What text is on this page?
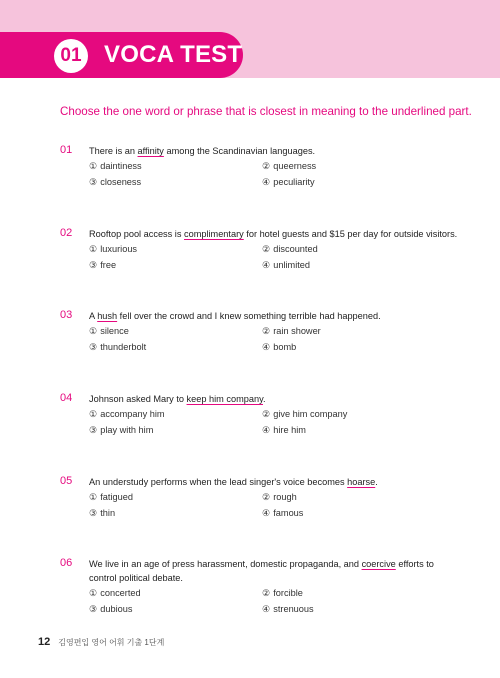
01 VOCA TEST
Choose the one word or phrase that is closest in meaning to the underlined part.
01 There is an affinity among the Scandinavian languages.
① daintiness	② queerness
③ closeness	④ peculiarity
02 Rooftop pool access is complimentary for hotel guests and $15 per day for outside visitors.
① luxurious	② discounted
③ free	④ unlimited
03 A hush fell over the crowd and I knew something terrible had happened.
① silence	② rain shower
③ thunderbolt	④ bomb
04 Johnson asked Mary to keep him company.
① accompany him	② give him company
③ play with him	④ hire him
05 An understudy performs when the lead singer's voice becomes hoarse.
① fatigued	② rough
③ thin	④ famous
06 We live in an age of press harassment, domestic propaganda, and coercive efforts to control political debate.
① concerted	② forcible
③ dubious	④ strenuous
12 김영편입 영어 어휘 기출 1단계
